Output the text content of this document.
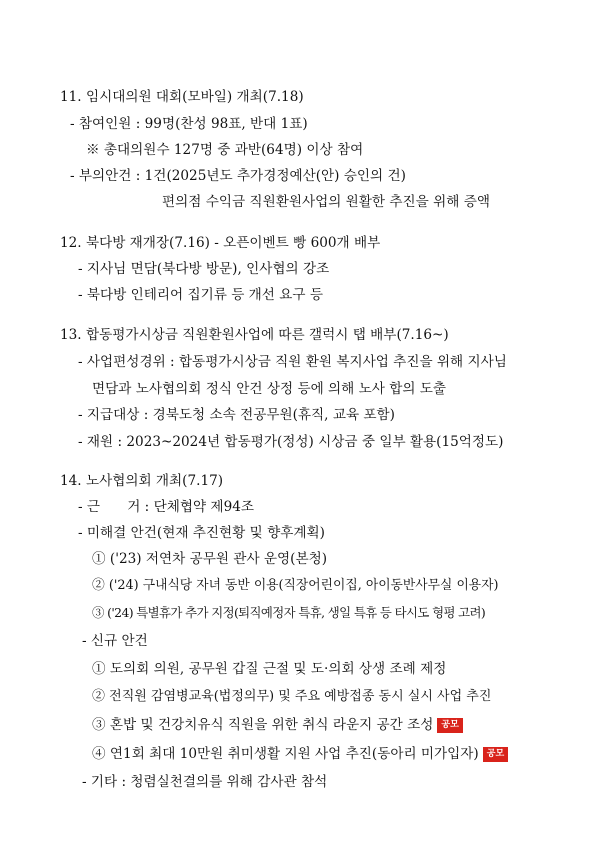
11. 임시대의원 대회(모바일) 개최(7.18)
- 참여인원 : 99명(찬성 98표, 반대 1표)
※ 총대의원수 127명 중 과반(64명) 이상 참여
- 부의안건 : 1건(2025년도 추가경정예산(안) 승인의 건)
편의점 수익금 직원환원사업의 원활한 추진을 위해 증액
12. 북다방 재개장(7.16) - 오픈이벤트 빵 600개 배부
- 지사님 면담(북다방 방문), 인사협의 강조
- 북다방 인테리어 집기류 등 개선 요구 등
13. 합동평가시상금 직원환원사업에 따른 갤럭시 탭 배부(7.16~)
- 사업편성경위 : 합동평가시상금 직원 환원 복지사업 추진을 위해 지사님
면담과 노사협의회 정식 안건 상정 등에 의해 노사 합의 도출
- 지급대상 : 경북도청 소속 전공무원(휴직, 교육 포함)
- 재원 : 2023~2024년 합동평가(정성) 시상금 중 일부 활용(15억정도)
14. 노사협의회 개최(7.17)
- 근　　거 : 단체협약 제94조
- 미해결 안건(현재 추진현황 및 향후계획)
① ('23) 저연차 공무원 관사 운영(본청)
② ('24) 구내식당 자녀 동반 이용(직장어린이집, 아이동반사무실 이용자)
③ ('24) 특별휴가 추가 지정(퇴직예정자 특휴, 생일 특휴 등 타시도 형평 고려)
- 신규 안건
① 도의회 의원, 공무원 갑질 근절 및 도·의회 상생 조례 제정
② 전직원 감염병교육(법정의무) 및 주요 예방접종 동시 실시 사업 추진
③ 혼밥 및 건강치유식 직원을 위한 취식 라운지 공간 조성 공모
④ 연1회 최대 10만원 취미생활 지원 사업 추진(동아리 미가입자) 공모
- 기타 : 청렴실천결의를 위해 감사관 참석
